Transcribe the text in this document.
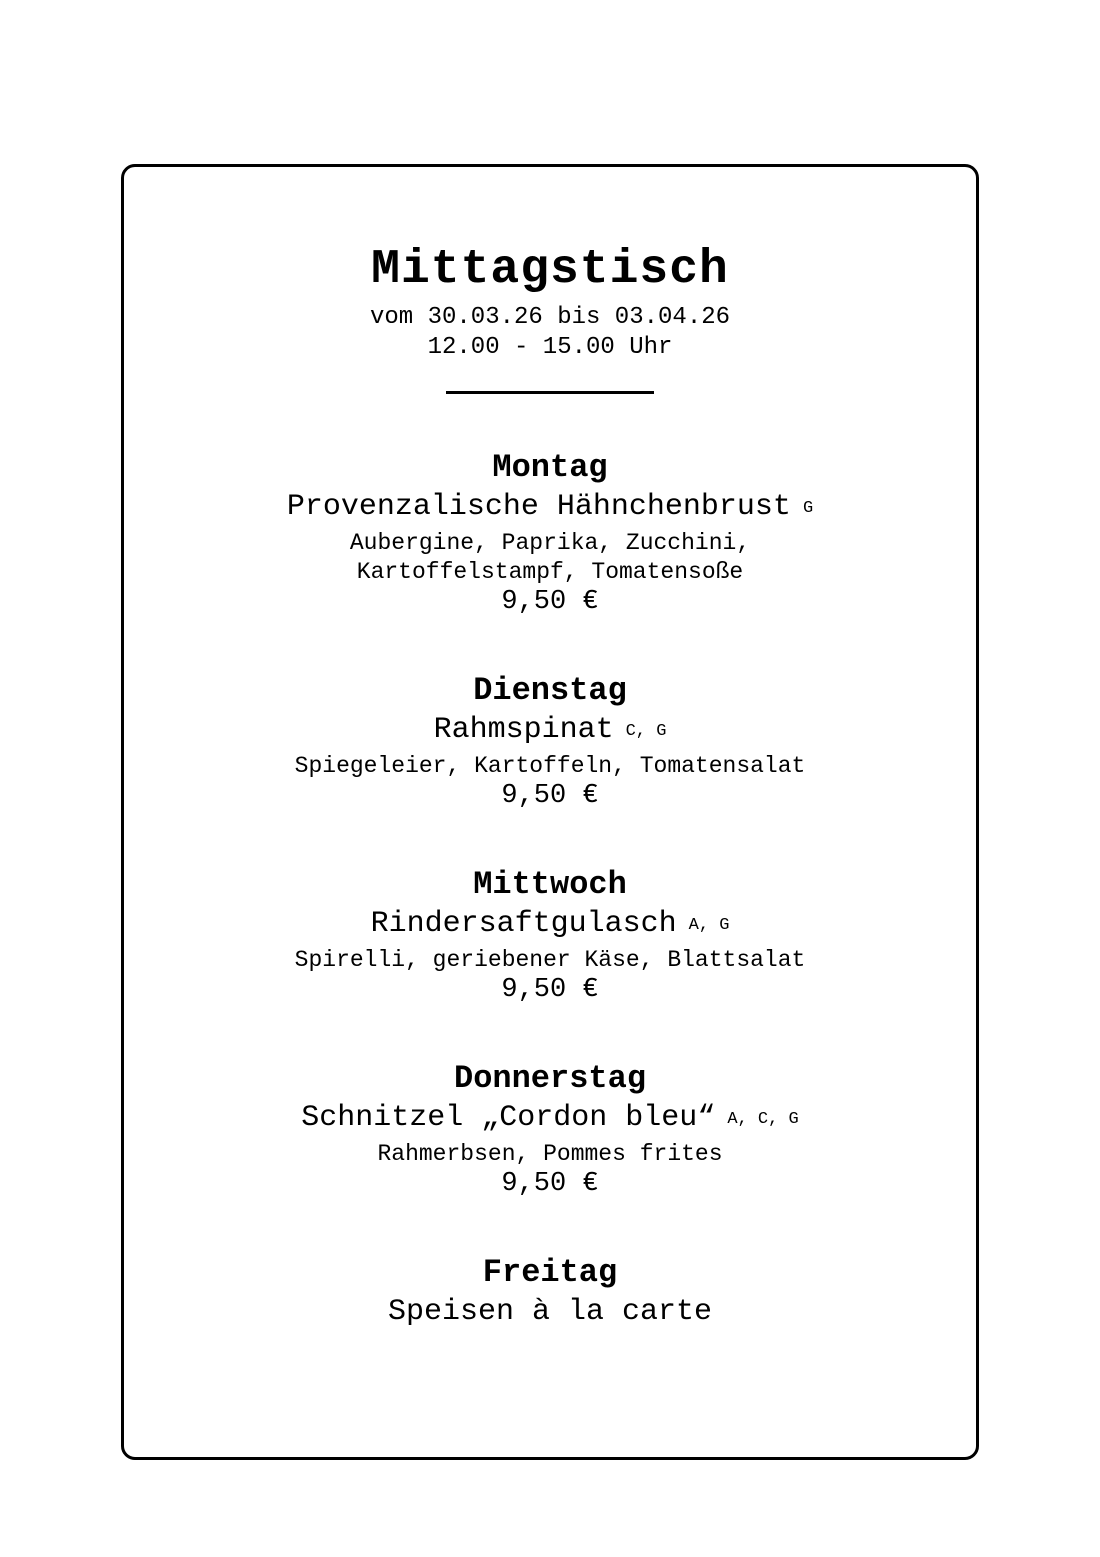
Mittagstisch
vom 30.03.26 bis 03.04.26
12.00 - 15.00 Uhr
Montag
Provenzalische Hähnchenbrust G
Aubergine, Paprika, Zucchini,
Kartoffelstampf, Tomatensoße
9,50 €
Dienstag
Rahmspinat C, G
Spiegeleier, Kartoffeln, Tomatensalat
9,50 €
Mittwoch
Rindersaftgulasch A, G
Spirelli, geriebener Käse, Blattsalat
9,50 €
Donnerstag
Schnitzel „Cordon bleu“ A, C, G
Rahmerbsen, Pommes frites
9,50 €
Freitag
Speisen à la carte
